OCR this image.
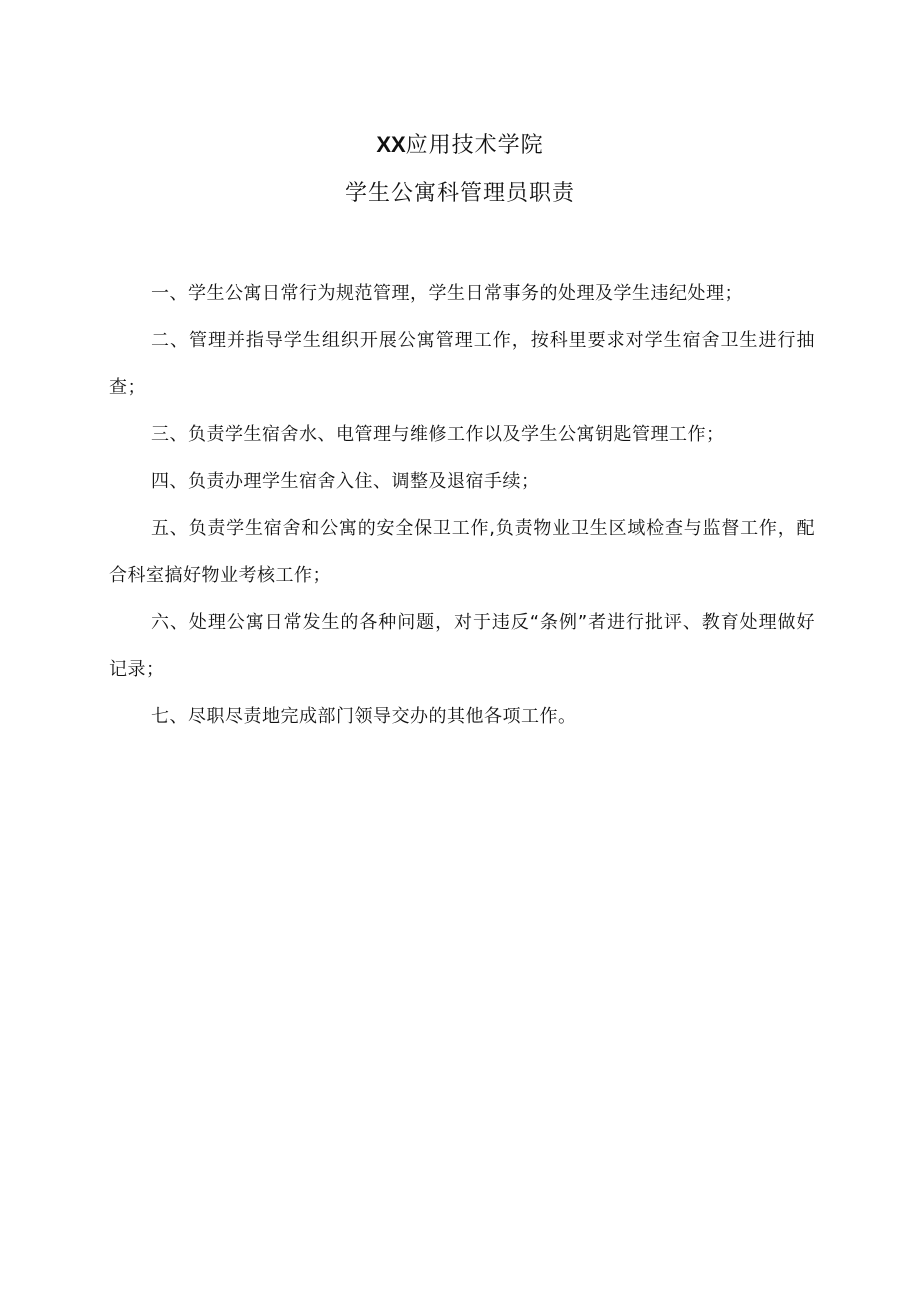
XX应用技术学院
学生公寓科管理员职责

一、学生公寓日常行为规范管理，学生日常事务的处理及学生违纪处理；

二、管理并指导学生组织开展公寓管理工作，按科里要求对学生宿舍卫生进行抽查；

三、负责学生宿舍水、电管理与维修工作以及学生公寓钥匙管理工作；

四、负责办理学生宿舍入住、调整及退宿手续；

五、负责学生宿舍和公寓的安全保卫工作,负责物业卫生区域检查与监督工作，配合科室搞好物业考核工作；

六、处理公寓日常发生的各种问题，对于违反“条例”者进行批评、教育处理做好记录；

七、尽职尽责地完成部门领导交办的其他各项工作。
